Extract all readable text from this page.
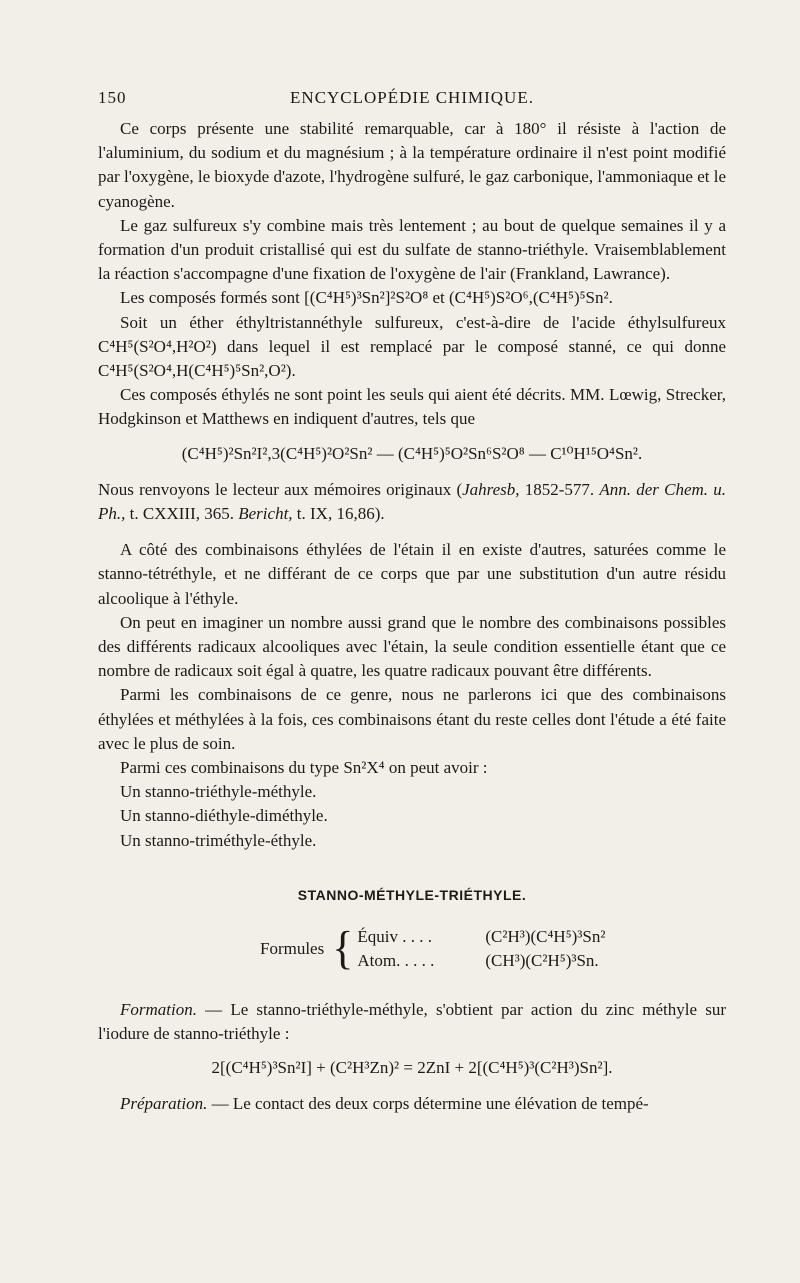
150	ENCYCLOPÉDIE CHIMIQUE.

Ce corps présente une stabilité remarquable, car à 180° il résiste à l'action de l'aluminium, du sodium et du magnésium ; à la température ordinaire il n'est point modifié par l'oxygène, le bioxyde d'azote, l'hydrogène sulfuré, le gaz carbonique, l'ammoniaque et le cyanogène.

Le gaz sulfureux s'y combine mais très lentement ; au bout de quelque semaines il y a formation d'un produit cristallisé qui est du sulfate de stanno-triéthyle. Vraisemblablement la réaction s'accompagne d'une fixation de l'oxygène de l'air (Frankland, Lawrance).

Les composés formés sont [(C⁴H⁵)³Sn²]²S²O⁸ et (C⁴H⁵)S²O⁶,(C⁴H⁵)⁵Sn².

Soit un éther éthyltristannéthyle sulfureux, c'est-à-dire de l'acide éthylsulfureux C⁴H⁵(S²O⁴,H²O²) dans lequel il est remplacé par le composé stanné, ce qui donne C⁴H⁵(S²O⁴,H(C⁴H⁵)⁵Sn²,O²).

Ces composés éthylés ne sont point les seuls qui aient été décrits. MM. Lœwig, Strecker, Hodgkinson et Matthews en indiquent d'autres, tels que

(C⁴H⁵)²Sn²I²,3(C⁴H⁵)²O²Sn² — (C⁴H⁵)⁵O²Sn⁶S²O⁸ — C¹⁰H¹⁵O⁴Sn².

Nous renvoyons le lecteur aux mémoires originaux (Jahresb, 1852-577. Ann. der Chem. u. Ph., t. CXXIII, 365. Bericht, t. IX, 16,86).

A côté des combinaisons éthylées de l'étain il en existe d'autres, saturées comme le stanno-tétréthyle, et ne différant de ce corps que par une substitution d'un autre résidu alcoolique à l'éthyle.

On peut en imaginer un nombre aussi grand que le nombre des combinaisons possibles des différents radicaux alcooliques avec l'étain, la seule condition essentielle étant que ce nombre de radicaux soit égal à quatre, les quatre radicaux pouvant être différents.

Parmi les combinaisons de ce genre, nous ne parlerons ici que des combinaisons éthylées et méthylées à la fois, ces combinaisons étant du reste celles dont l'étude a été faite avec le plus de soin.

Parmi ces combinaisons du type Sn²X⁴ on peut avoir :

Un stanno-triéthyle-méthyle.
Un stanno-diéthyle-diméthyle.
Un stanno-triméthyle-éthyle.
STANNO-MÉTHYLE-TRIÉTHYLE.
Formules { Équiv . . . .	(C²H³)(C⁴H⁵)³Sn²
Atom. . . . .	(CH³)(C²H⁵)³Sn.

Formation. — Le stanno-triéthyle-méthyle, s'obtient par action du zinc méthyle sur l'iodure de stanno-triéthyle :

2[(C⁴H⁵)³Sn²I] + (C²H³Zn)² = 2ZnI + 2[(C⁴H⁵)³(C²H³)Sn²].

Préparation. — Le contact des deux corps détermine une élévation de tempé-
